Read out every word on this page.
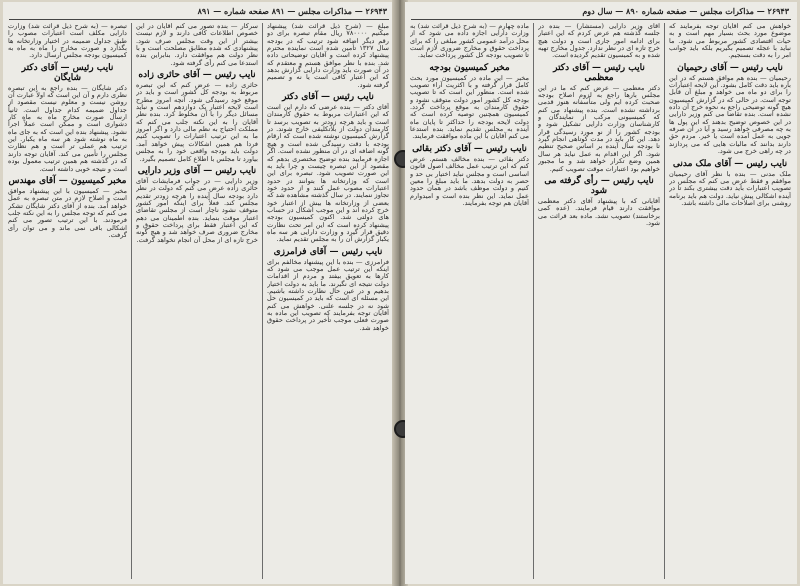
۲۶۹۴۳ — مذاکرات مجلس — ۸۹۱ صفحه شماره — ۸۹۱

مبلغ — (شرح ذیل قرائت شد) پیشنهاد میکنیم ۷۸۰۰۰۰ ریال مقام تبصره برای دو رقم دیگر اضافه شود ترتیب که در بودجه سال ۱۳۲۷ تأمین شده است نماینده محترم پیشنهاد کرده است و آقایان توضیحاتی داده شد. بنده با نظر موافق هستم و معتقدم که در آن صورت باید وزارت دارایی گزارش بدهد که این اعتبار کافی است یا نه و تصمیم گرفته شود.

نایب رئیس — آقای دکتر

آقای دکتر — بنده عرضی که دارم این است که این اعتبارات مربوط به حقوق کارمندان است و باید هرچه زودتر به تصویب برسد تا کارمندان دولت از بلاتکلیفی خارج شوند. در گزارش کمیسیون نوشته شده است که ارقام بودجه با دقت رسیدگی شده است و هیچ گونه اضافه ای در آن منظور نشده است. اگر اجازه فرمایید بنده توضیح مختصری بدهم که مقصود از این تبصره چیست و چرا باید به این صورت تصویب شود. تبصره برای این است که وزارتخانه ها بتوانند در حدود اعتبارات مصوب عمل کنند و از حدود خود تجاوز ننمایند. در سال گذشته مشاهده شد که بعضی از وزارتخانه ها بیش از اعتبار خود خرج کرده اند و این موجب اشکال در حساب های دولتی شد. اکنون کمیسیون بودجه پیشنهاد کرده است که این امر تحت نظارت دقیق قرار گیرد و وزارت دارایی هر سه ماه یکبار گزارش آن را به مجلس تقدیم نماید.

نایب رئیس — آقای فرامرزی

فرامرزی — بنده با این پیشنهاد مخالفم برای اینکه این ترتیب عمل موجب می شود که کارها به تعویق بیفتد و مردم از اقدامات دولت نتیجه ای نگیرند. ما باید به دولت اختیار بدهیم و در عین حال نظارت داشته باشیم. این مسئله ای است که باید در کمیسیون حل شود نه در جلسه علنی. خواهش می کنم آقایان توجه بفرمایند که تصویب این ماده به صورت فعلی موجب تأخیر در پرداخت حقوق خواهد شد.

سرکار — بنده تصور می کنم آقایان در این خصوص اطلاعات کافی دارند و لازم نیست بیشتر از این وقت مجلس صرف شود. پیشنهادی که شده مطابق مصلحت است و با نظر دولت هم موافقت دارد. بنابراین بنده استدعا می کنم رأی گرفته شود.

نایب رئیس — آقای حائری زاده

حائری زاده — عرض کنم که این تبصره مربوط به بودجه کل کشور است و باید در موقع خود رسیدگی شود. آنچه امروز مطرح است لایحه اعتبار یک دوازدهم است و نباید مسائل دیگر را با آن مخلوط کرد. بنده نظر آقایان را به این نکته جلب می کنم که مملکت احتیاج به نظم مالی دارد و اگر امروز ما به این ترتیب اعتبارات را تصویب کنیم فردا هم همین اشکالات پیش خواهد آمد. دولت باید بودجه واقعی خود را به مجلس بیاورد تا مجلس با اطلاع کامل تصمیم بگیرد.

نایب رئیس — آقای وزیر دارایی

وزیر دارایی — در جواب فرمایشات آقای حائری زاده عرض می کنم که دولت در نظر دارد بودجه سال آینده را هرچه زودتر تقدیم مجلس کند. فعلاً برای اینکه امور کشور متوقف نشود ناچار است از مجلس تقاضای اعتبار موقت بنماید. بنده اطمینان می دهم که این اعتبار فقط برای پرداخت حقوق و مخارج ضروری صرف خواهد شد و هیچ گونه خرج تازه ای از محل آن انجام نخواهد گرفت.

تبصره — (به شرح ذیل قرائت شد) وزارت دارایی مکلف است اعتبارات مصوب را طبق جداول ضمیمه در اختیار وزارتخانه ها بگذارد و صورت مخارج را ماه به ماه به کمیسیون بودجه مجلس ارسال دارد.

نایب رئیس — آقای دکتر شایگان

دکتر شایگان — بنده راجع به این تبصره نظری دارم و آن این است که اولاً عبارت آن روشن نیست و معلوم نیست مقصود از جداول ضمیمه کدام جداول است. ثانیاً ارسال صورت مخارج ماه به ماه کار دشواری است و ممکن است عملاً اجرا نشود. پیشنهاد بنده این است که به جای ماه به ماه نوشته شود هر سه ماه یکبار. این ترتیب هم عملی تر است و هم نظارت مجلس را تأمین می کند. آقایان توجه دارند که در گذشته هم همین ترتیب معمول بوده است و نتیجه خوبی داشته است.

مخبر کمیسیون — آقای مهندس

مخبر — کمیسیون با این پیشنهاد موافق است و اصلاح لازم در متن تبصره به عمل خواهد آمد. بنده از آقای دکتر شایگان تشکر می کنم که توجه مجلس را به این نکته جلب فرمودند. با این ترتیب تصور می کنم اشکالی باقی نمی ماند و می توان رأی گرفت.

۲۶۹۴۳ — مذاکرات مجلس — صفحه شماره ۸۹۰ — سال دوم

خواهش می کنم آقایان توجه بفرمایند که موضوع مورد بحث بسیار مهم است و به حیات اقتصادی کشور مربوط می شود. ما نباید با عجله تصمیم بگیریم بلکه باید جوانب امر را به دقت بسنجیم.

نایب رئیس — آقای رحیمیان

رحیمیان — بنده هم موافق هستم که در این باره باید دقت کامل بشود. این لایحه اعتبارات را برای دو ماه می خواهد و مبلغ آن قابل توجه است. در حالی که در گزارش کمیسیون هیچ گونه توضیحی راجع به نحوه خرج آن داده نشده است. بنده تقاضا می کنم وزیر دارایی در این خصوص توضیح بدهند که این پول ها به چه مصرفی خواهد رسید و آیا در آن صرفه جویی به عمل آمده است یا خیر. مردم حق دارند بدانند که مالیات هایی که می پردازند در چه راهی خرج می شود.

نایب رئیس — آقای ملک مدنی

ملک مدنی — بنده با نظر آقای رحیمیان موافقم و فقط عرض می کنم که مجلس در تصویب اعتبارات باید دقت بیشتری بکند تا در آینده اشکالی پیش نیاید. دولت هم باید برنامه روشنی برای اصلاحات مالی داشته باشد.

آقای وزیر دارایی (مستشار) — بنده در جلسه گذشته هم عرض کردم که این اعتبار برای ادامه امور جاری است و دولت هیچ خرج تازه ای در نظر ندارد. جدول مخارج تهیه شده و به کمیسیون تقدیم گردیده است.

نایب رئیس — آقای دکتر معظمی

دکتر معظمی — عرض کنم که ما در این مجلس بارها راجع به لزوم اصلاح بودجه صحبت کرده ایم ولی متأسفانه هنوز قدمی برداشته نشده است. بنده پیشنهاد می کنم که کمیسیونی مرکب از نمایندگان و کارشناسان وزارت دارایی تشکیل شود و بودجه کشور را از نو مورد رسیدگی قرار دهد. این کار باید در مدت کوتاهی انجام گیرد تا بودجه سال آینده بر اساس صحیح تنظیم شود. اگر این اقدام به عمل نیاید هر سال همین وضع تکرار خواهد شد و ما مجبور خواهیم بود اعتبارات موقت تصویب کنیم.

نایب رئیس — رأی گرفته می شود

آقایانی که با پیشنهاد آقای دکتر معظمی موافقت دارند قیام فرمایند. (عده کمی برخاستند) تصویب نشد. ماده بعد قرائت می شود.

ماده چهارم — (به شرح ذیل قرائت شد) به وزارت دارایی اجازه داده می شود که از محل درآمد عمومی کشور مبلغی را که برای پرداخت حقوق و مخارج ضروری لازم است تا تصویب بودجه کل کشور پرداخت نماید.

مخبر کمیسیون بودجه

مخبر — این ماده در کمیسیون مورد بحث کامل قرار گرفته و با اکثریت آراء تصویب شده است. منظور این است که تا تصویب بودجه کل کشور امور دولت متوقف نشود و حقوق کارمندان به موقع پرداخت گردد. کمیسیون همچنین توصیه کرده است که دولت لایحه بودجه را حداکثر تا پایان ماه آینده به مجلس تقدیم نماید. بنده استدعا می کنم آقایان با این ماده موافقت فرمایند.

نایب رئیس — آقای دکتر بقائی

دکتر بقائی — بنده مخالف هستم. عرض کنم که این ترتیب عمل مخالف اصول قانون اساسی است و مجلس نباید اختیار بی حد و حصر به دولت بدهد. ما باید مبلغ را معین کنیم و دولت موظف باشد در همان حدود عمل نماید. این نظر بنده است و امیدوارم آقایان هم توجه بفرمایند.
